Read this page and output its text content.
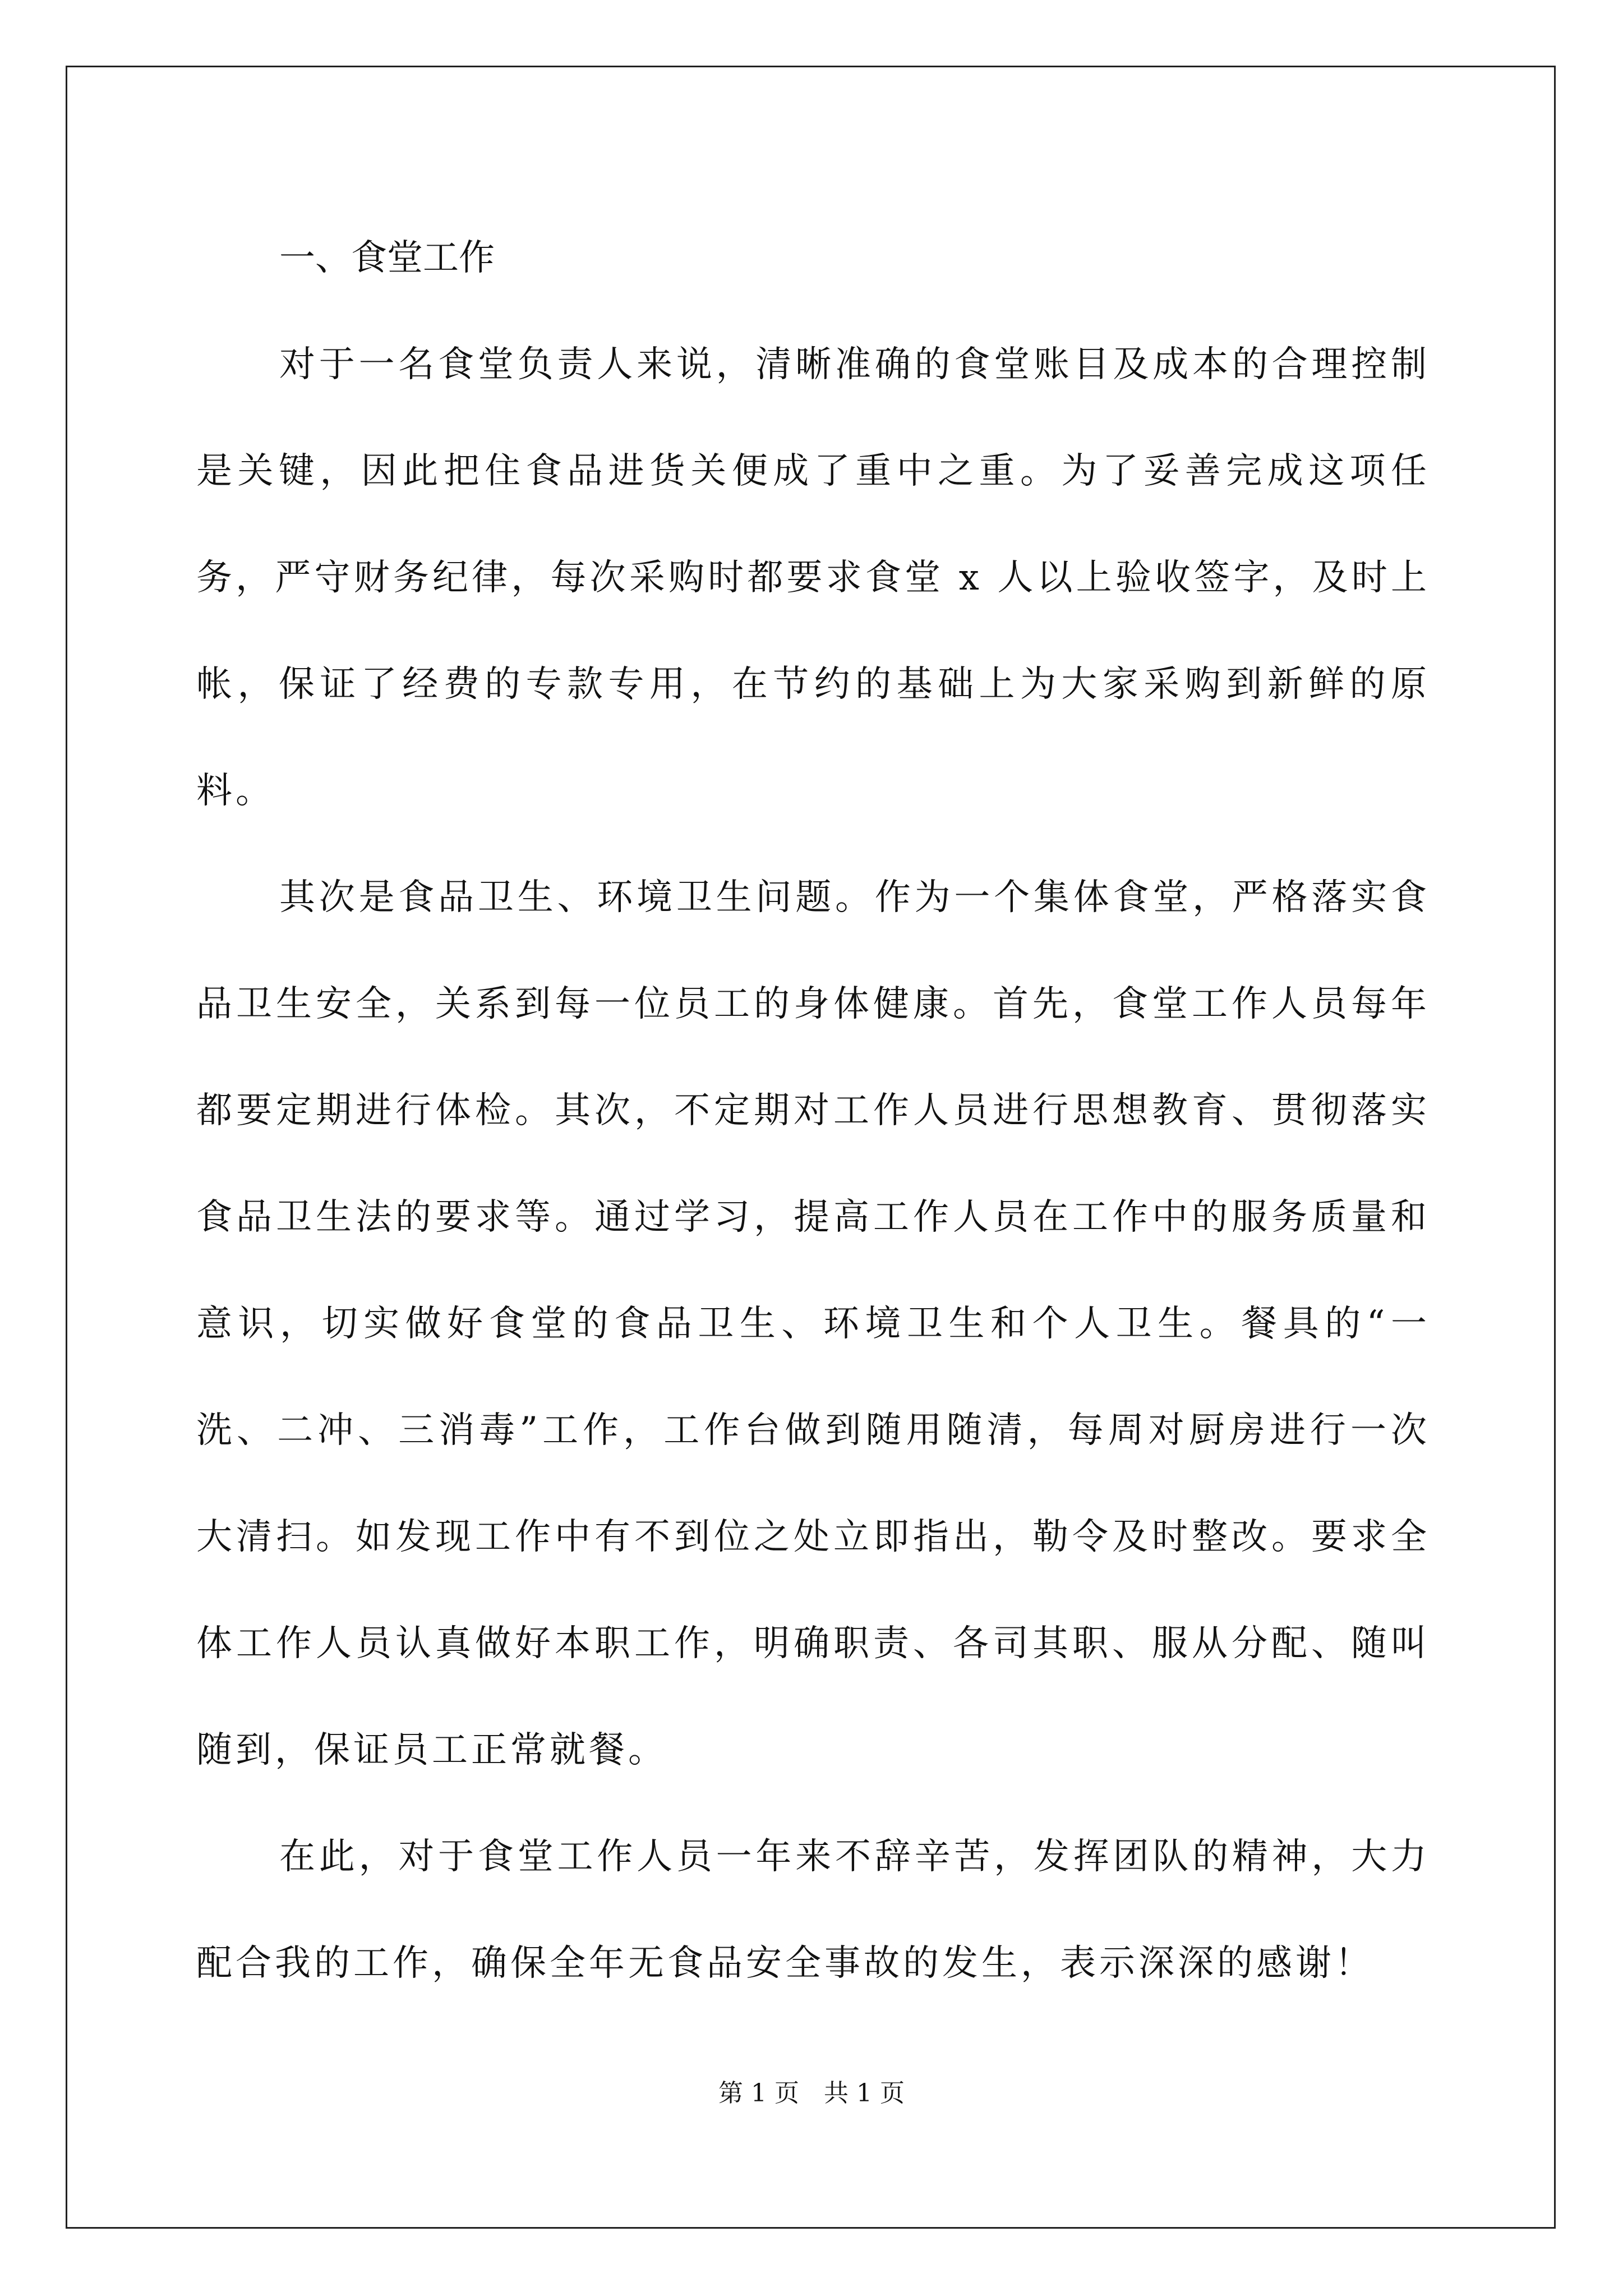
一、食堂工作

对于一名食堂负责人来说，清晰准确的食堂账目及成本的合理控制是关键，因此把住食品进货关便成了重中之重。为了妥善完成这项任务，严守财务纪律，每次采购时都要求食堂 x 人以上验收签字，及时上帐，保证了经费的专款专用，在节约的基础上为大家采购到新鲜的原料。

其次是食品卫生、环境卫生问题。作为一个集体食堂，严格落实食品卫生安全，关系到每一位员工的身体健康。首先，食堂工作人员每年都要定期进行体检。其次，不定期对工作人员进行思想教育、贯彻落实食品卫生法的要求等。通过学习，提高工作人员在工作中的服务质量和意识，切实做好食堂的食品卫生、环境卫生和个人卫生。餐具的“一洗、二冲、三消毒”工作，工作台做到随用随清，每周对厨房进行一次大清扫。如发现工作中有不到位之处立即指出，勒令及时整改。要求全体工作人员认真做好本职工作，明确职责、各司其职、服从分配、随叫随到，保证员工正常就餐。

在此，对于食堂工作人员一年来不辞辛苦，发挥团队的精神，大力配合我的工作，确保全年无食品安全事故的发生，表示深深的感谢！

第 1 页　共 1 页
